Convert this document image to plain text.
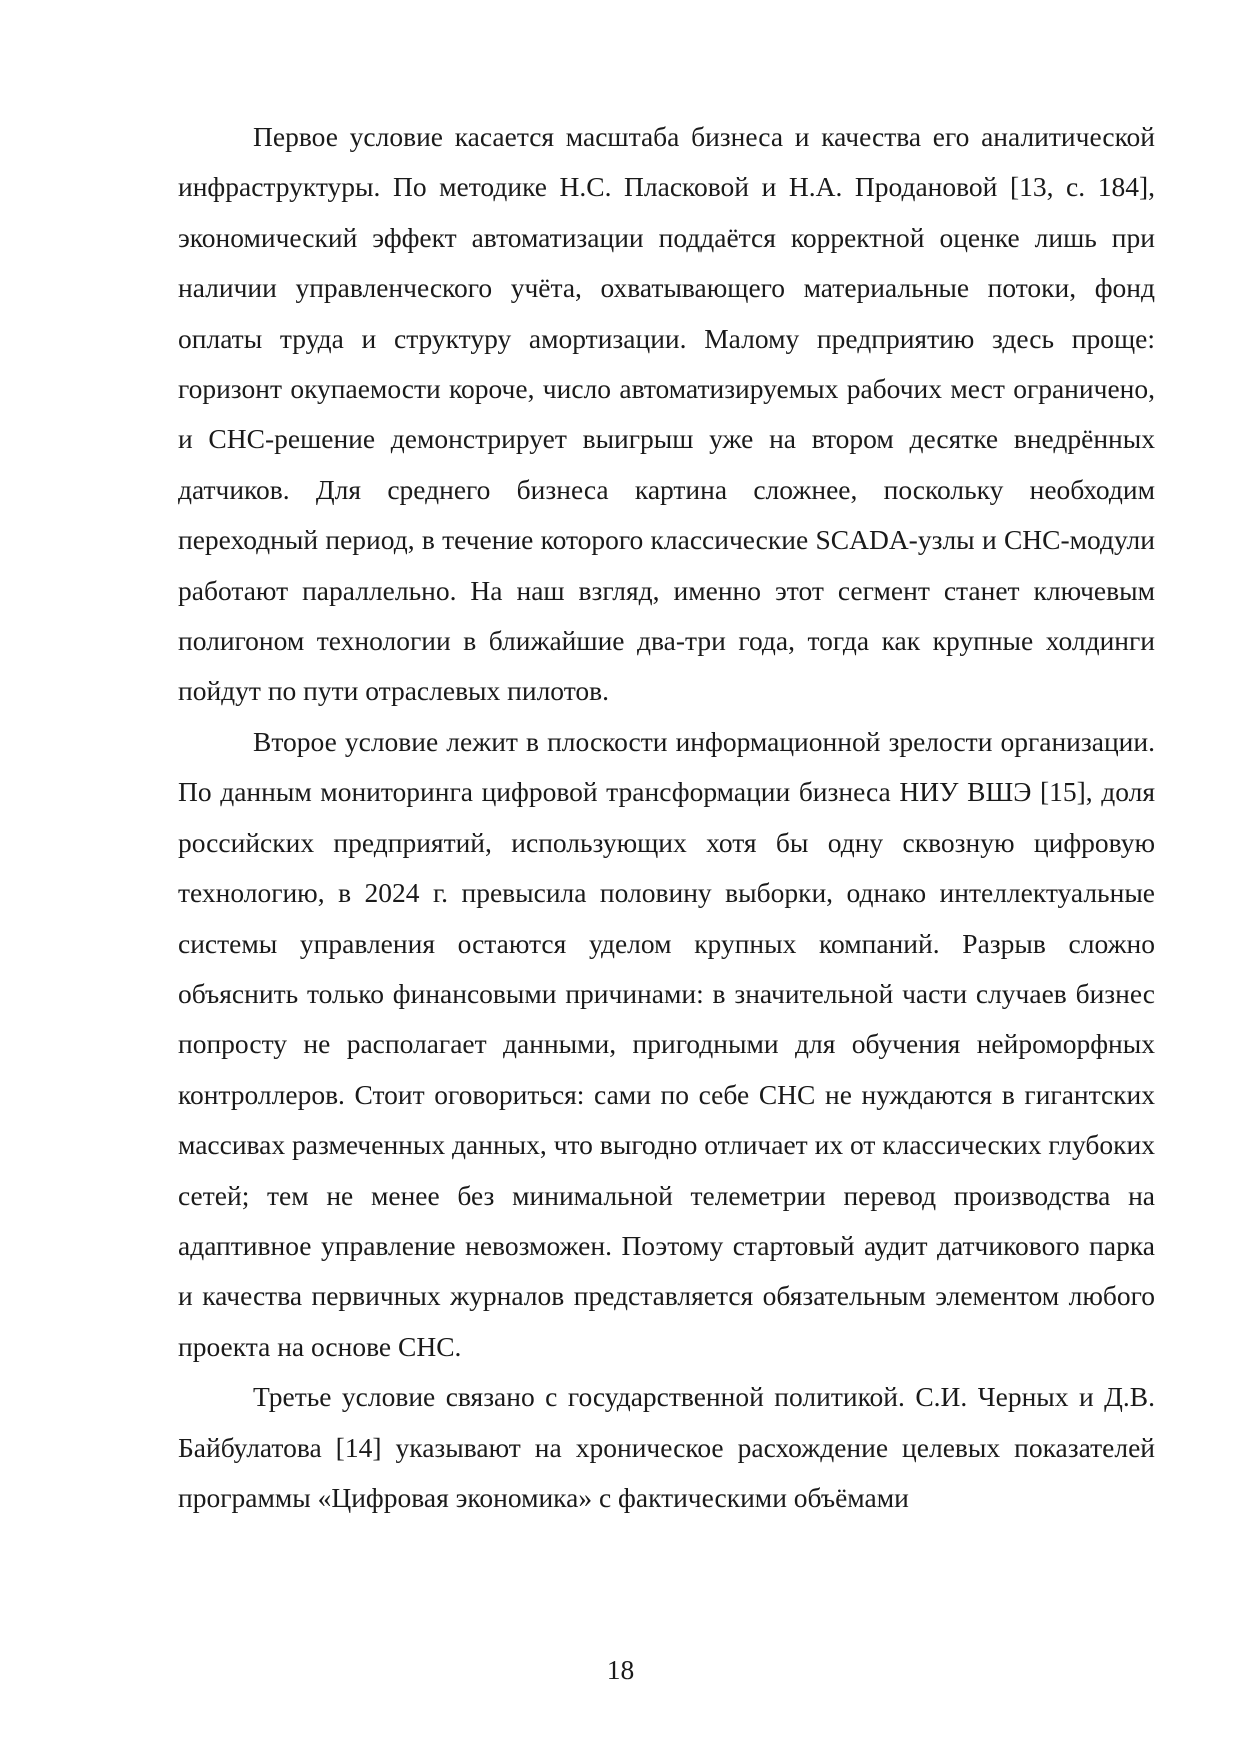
Первое условие касается масштаба бизнеса и качества его аналитической инфраструктуры. По методике Н.С. Пласковой и Н.А. Продановой [13, с. 184], экономический эффект автоматизации поддаётся корректной оценке лишь при наличии управленческого учёта, охватывающего материальные потоки, фонд оплаты труда и структуру амортизации. Малому предприятию здесь проще: горизонт окупаемости короче, число автоматизируемых рабочих мест ограничено, и СНС-решение демонстрирует выигрыш уже на втором десятке внедрённых датчиков. Для среднего бизнеса картина сложнее, поскольку необходим переходный период, в течение которого классические SCADA-узлы и СНС-модули работают параллельно. На наш взгляд, именно этот сегмент станет ключевым полигоном технологии в ближайшие два-три года, тогда как крупные холдинги пойдут по пути отраслевых пилотов.

Второе условие лежит в плоскости информационной зрелости организации. По данным мониторинга цифровой трансформации бизнеса НИУ ВШЭ [15], доля российских предприятий, использующих хотя бы одну сквозную цифровую технологию, в 2024 г. превысила половину выборки, однако интеллектуальные системы управления остаются уделом крупных компаний. Разрыв сложно объяснить только финансовыми причинами: в значительной части случаев бизнес попросту не располагает данными, пригодными для обучения нейроморфных контроллеров. Стоит оговориться: сами по себе СНС не нуждаются в гигантских массивах размеченных данных, что выгодно отличает их от классических глубоких сетей; тем не менее без минимальной телеметрии перевод производства на адаптивное управление невозможен. Поэтому стартовый аудит датчикового парка и качества первичных журналов представляется обязательным элементом любого проекта на основе СНС.

Третье условие связано с государственной политикой. С.И. Черных и Д.В. Байбулатова [14] указывают на хроническое расхождение целевых показателей программы «Цифровая экономика» с фактическими объёмами

18
